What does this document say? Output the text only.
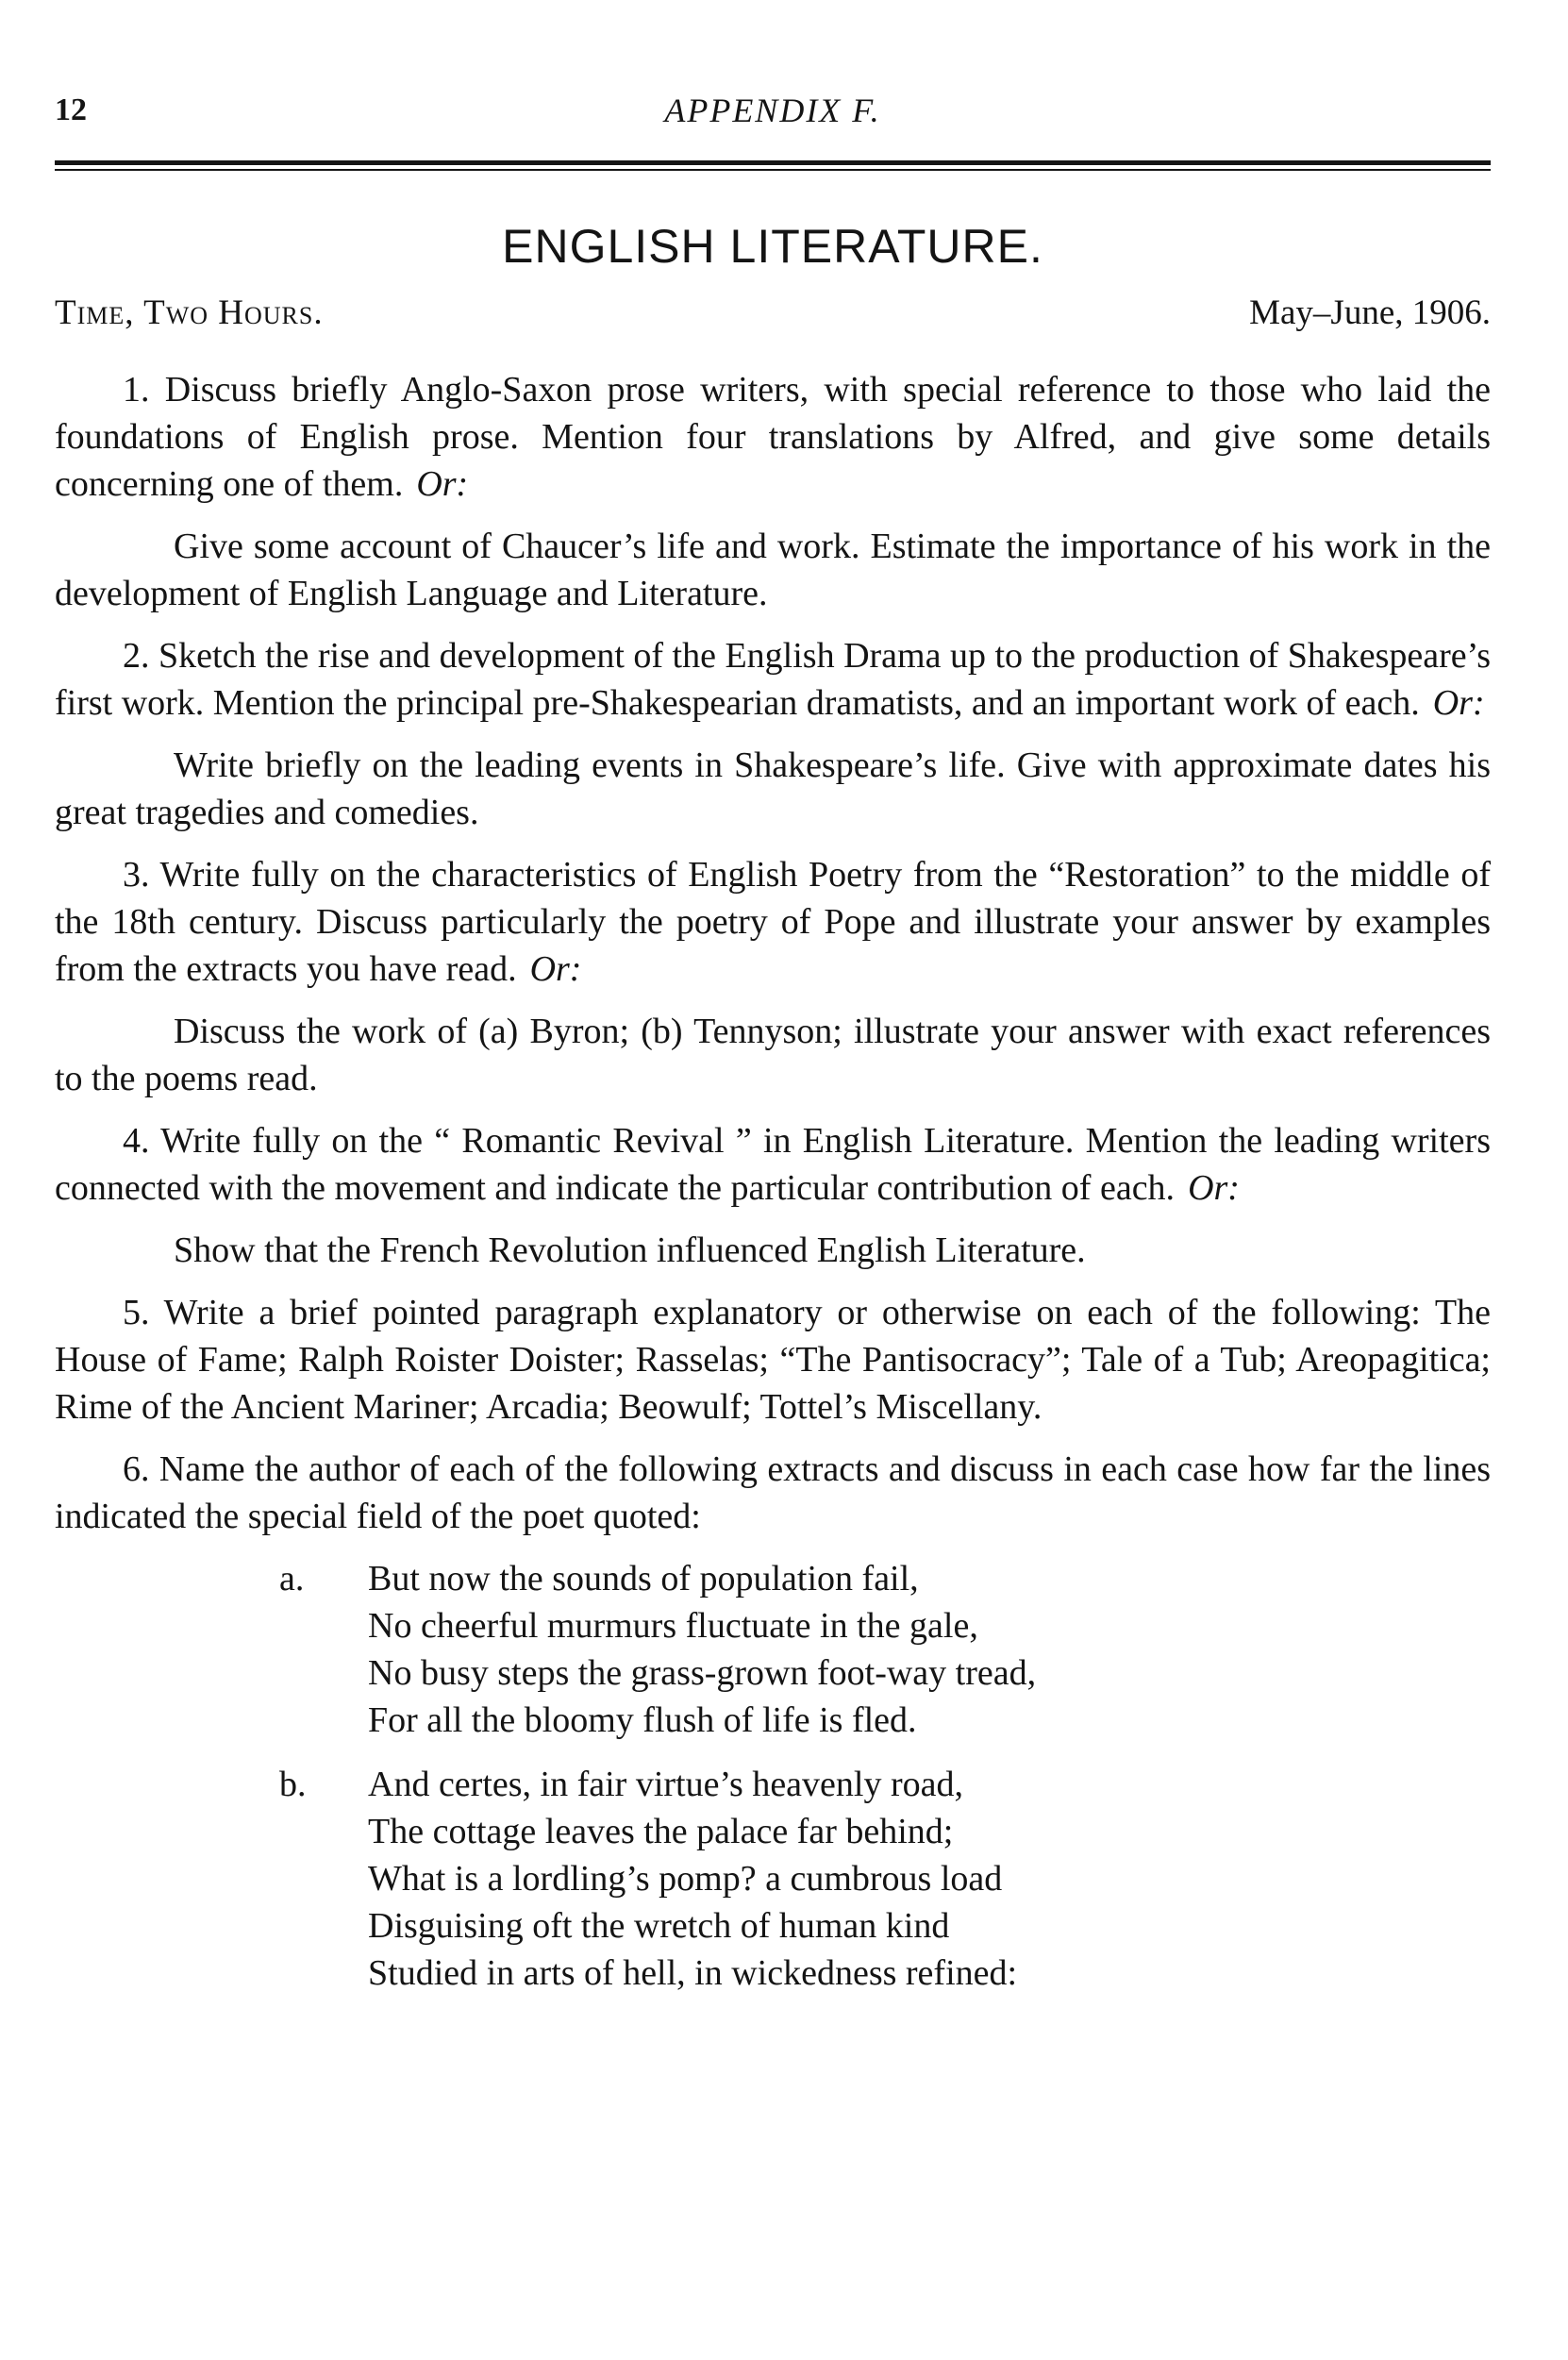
12	APPENDIX F.
ENGLISH LITERATURE.
Time, Two Hours.	May–June, 1906.

1. Discuss briefly Anglo-Saxon prose writers, with special reference to those who laid the foundations of English prose. Mention four translations by Alfred, and give some details concerning one of them. Or:

Give some account of Chaucer’s life and work. Estimate the importance of his work in the development of English Language and Literature.

2. Sketch the rise and development of the English Drama up to the production of Shakespeare’s first work. Mention the principal pre-Shakespearian dramatists, and an important work of each. Or:

Write briefly on the leading events in Shakespeare’s life. Give with approximate dates his great tragedies and comedies.

3. Write fully on the characteristics of English Poetry from the “Restoration” to the middle of the 18th century. Discuss particularly the poetry of Pope and illustrate your answer by examples from the extracts you have read. Or:

Discuss the work of (a) Byron; (b) Tennyson; illustrate your answer with exact references to the poems read.

4. Write fully on the “ Romantic Revival ” in English Literature. Mention the leading writers connected with the movement and indicate the particular contribution of each. Or:

Show that the French Revolution influenced English Literature.

5. Write a brief pointed paragraph explanatory or otherwise on each of the following: The House of Fame; Ralph Roister Doister; Rasselas; “The Pantisocracy”; Tale of a Tub; Areopagitica; Rime of the Ancient Mariner; Arcadia; Beowulf; Tottel’s Miscellany.

6. Name the author of each of the following extracts and discuss in each case how far the lines indicated the special field of the poet quoted:

a. But now the sounds of population fail,
No cheerful murmurs fluctuate in the gale,
No busy steps the grass-grown foot-way tread,
For all the bloomy flush of life is fled.
b. And certes, in fair virtue’s heavenly road,
The cottage leaves the palace far behind;
What is a lordling’s pomp? a cumbrous load
Disguising oft the wretch of human kind
Studied in arts of hell, in wickedness refined:
